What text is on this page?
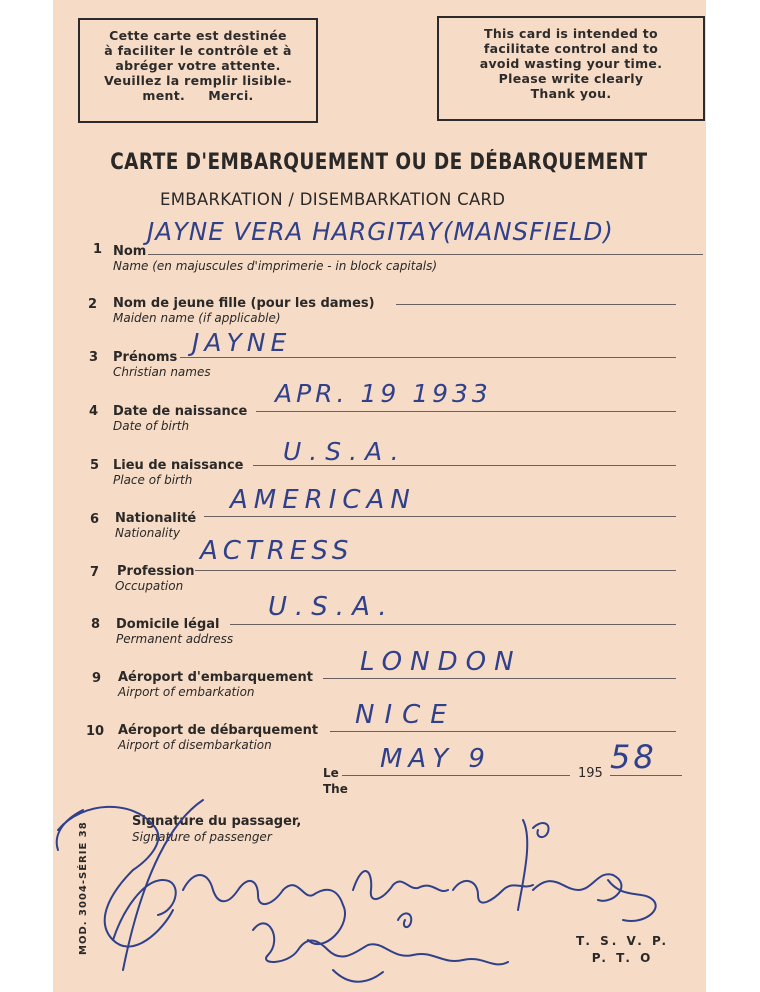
Cette carte est destinée
à faciliter le contrôle et à
abréger votre attente.
Veuillez la remplir lisible-
ment.     Merci.
This card is intended to
facilitate control and to
avoid wasting your time.
Please write clearly
Thank you.
CARTE D'EMBARQUEMENT OU DE DÉBARQUEMENT
EMBARKATION / DISEMBARKATION CARD
1 Nom
Name (en majuscules d'imprimerie - in block capitals)
JAYNE VERA HARGITAY(MANSFIELD)
2 Nom de jeune fille (pour les dames)
Maiden name (if applicable)
3 Prénoms
Christian names
JAYNE
4 Date de naissance
Date of birth
APR. 19 1933
5 Lieu de naissance
Place of birth
U.S.A.
6 Nationalité
Nationality
AMERICAN
7 Profession
Occupation
ACTRESS
8 Domicile légal
Permanent address
U.S.A.
9 Aéroport d'embarquement
Airport of embarkation
LONDON
10 Aéroport de débarquement
Airport of disembarkation
NICE
Le
The
MAY 9	195 58
Signature du passager,
Signature of passenger
MOD. 3004-SÉRIE 38	T. S. V. P.
P. T. O
